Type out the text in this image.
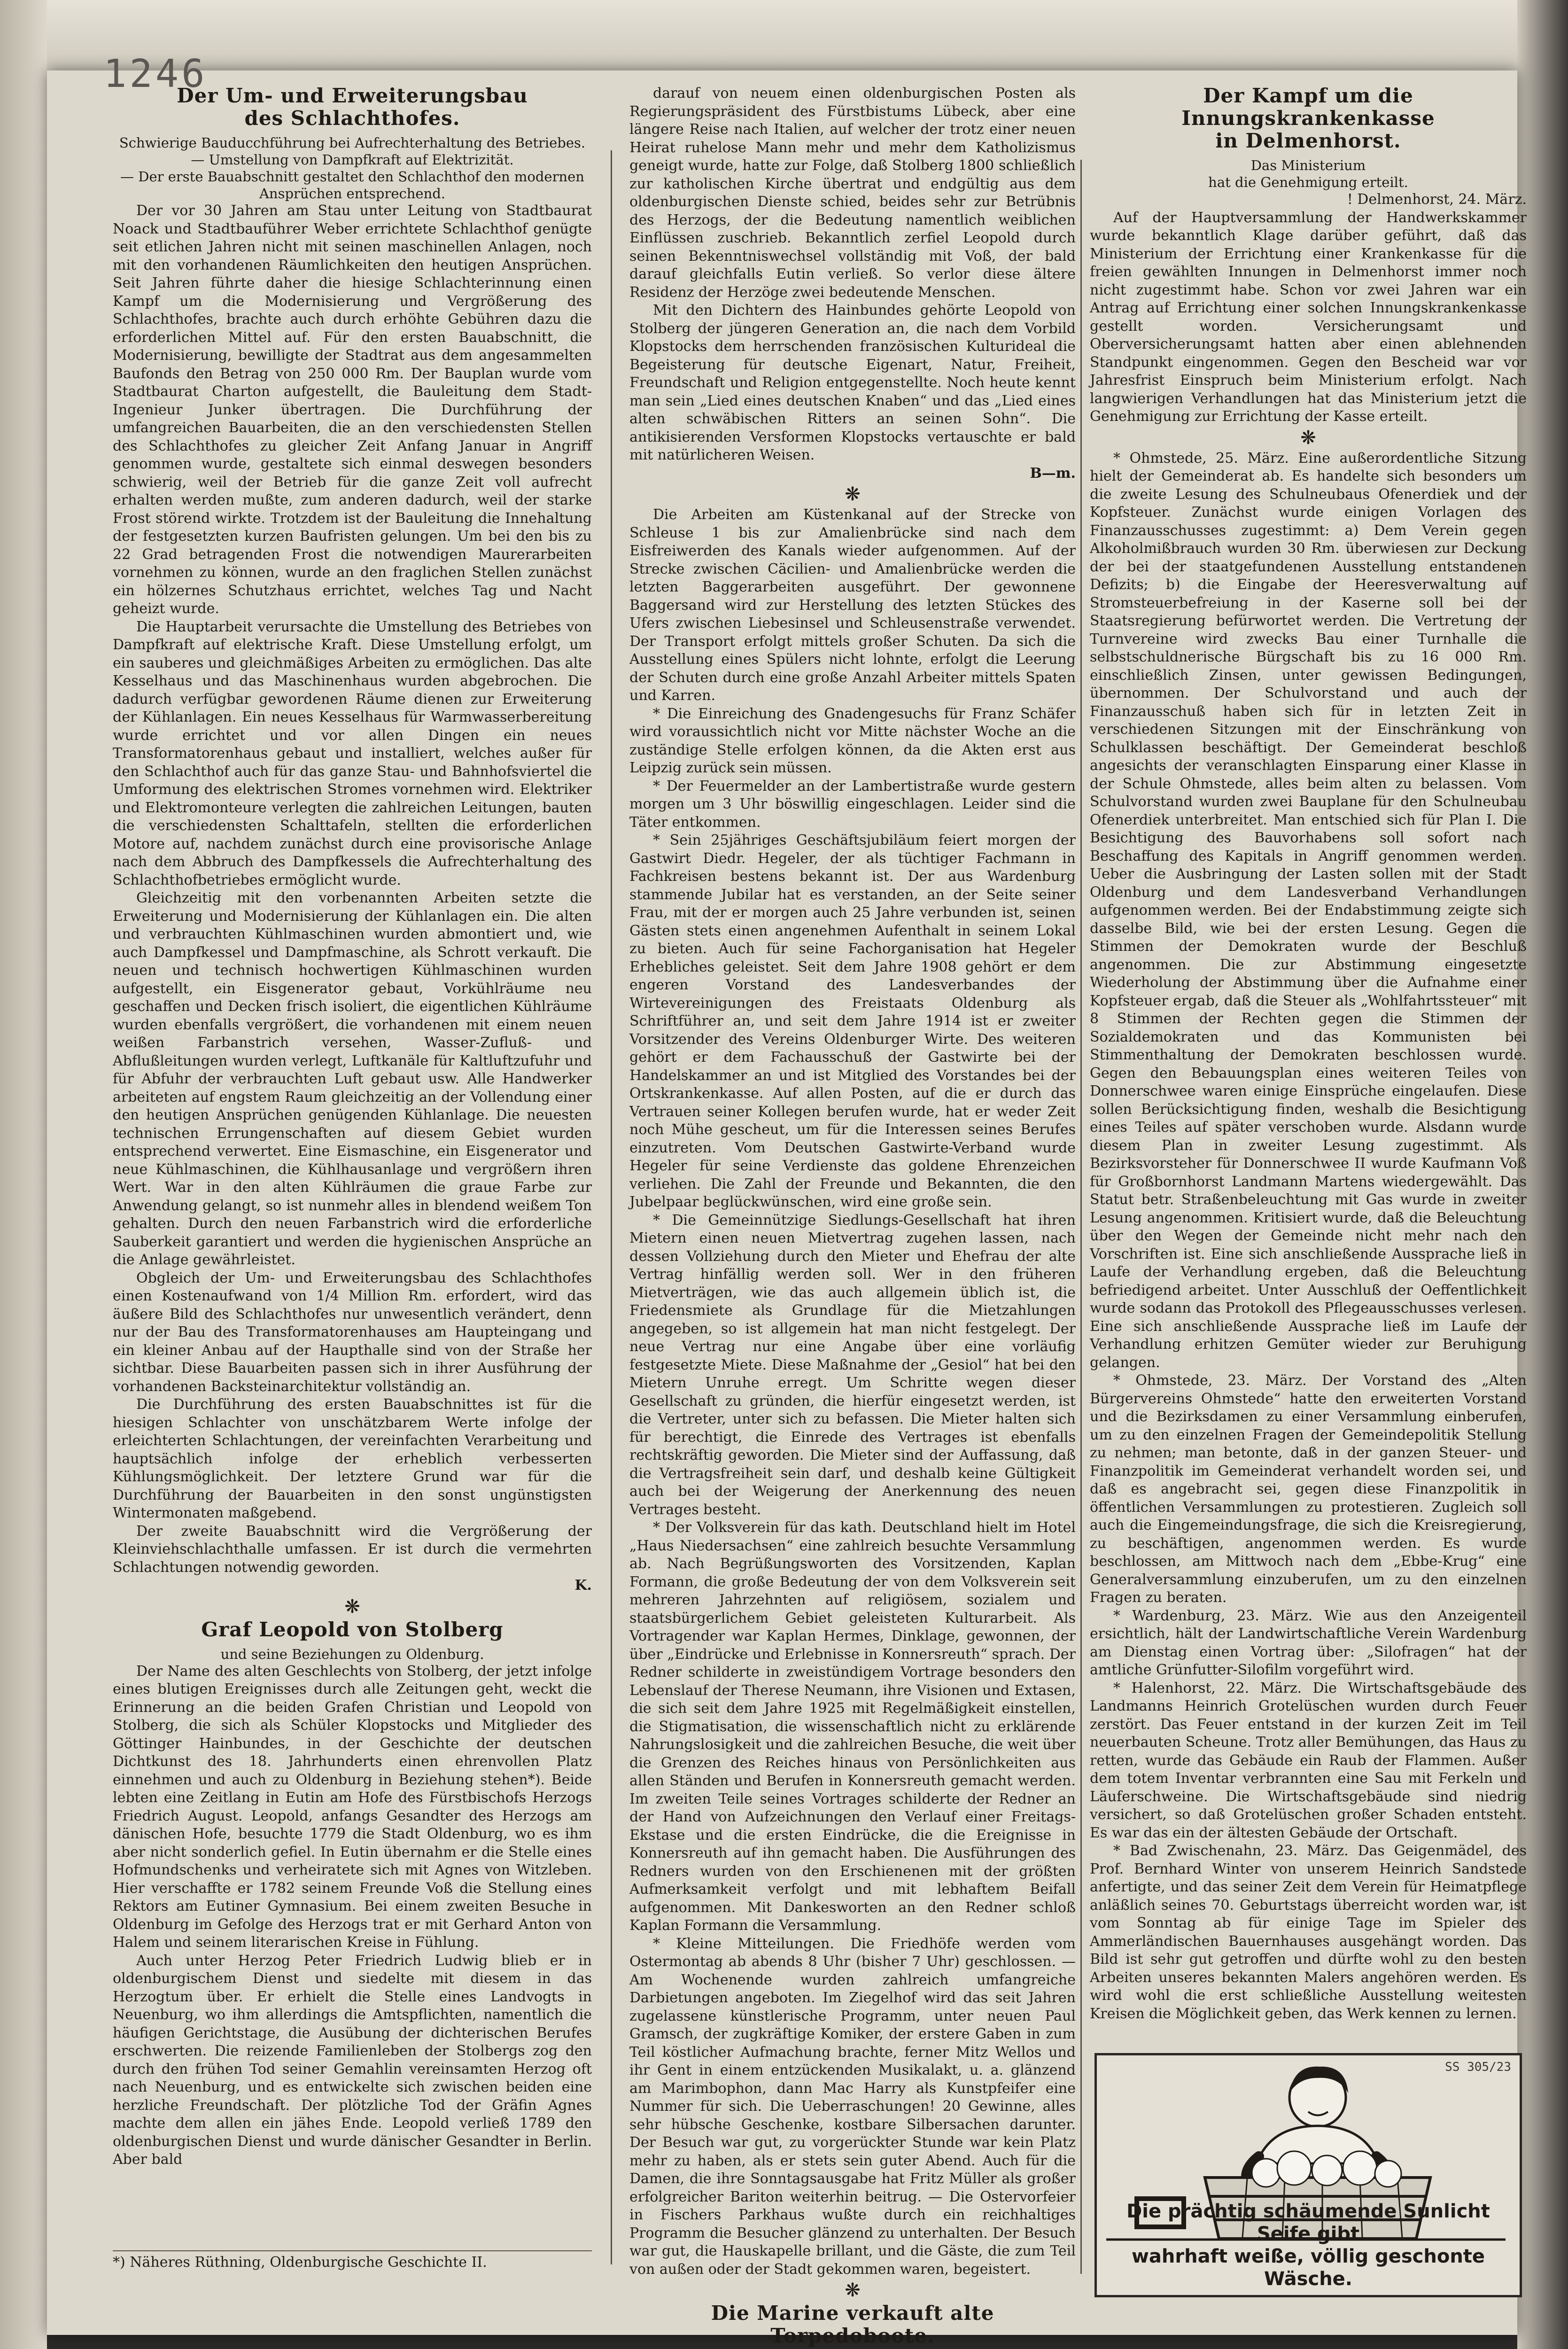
1246
Der Um- und Erweiterungsbau
des Schlachthofes.

Schwierige Bauducchführung bei Aufrechterhaltung des Betriebes. — Umstellung von Dampfkraft auf Elektrizität.

— Der erste Bauabschnitt gestaltet den Schlachthof den modernen Ansprüchen entsprechend.

Der vor 30 Jahren am Stau unter Leitung von Stadtbaurat Noack und Stadtbauführer Weber errichtete Schlachthof genügte seit etlichen Jahren nicht mit seinen maschinellen Anlagen, noch mit den vorhandenen Räumlichkeiten den heutigen Ansprüchen. Seit Jahren führte daher die hiesige Schlachterinnung einen Kampf um die Modernisierung und Vergrößerung des Schlachthofes, brachte auch durch erhöhte Gebühren dazu die erforderlichen Mittel auf. Für den ersten Bauabschnitt, die Modernisierung, bewilligte der Stadtrat aus dem angesammelten Baufonds den Betrag von 250 000 Rm. Der Bauplan wurde vom Stadtbaurat Charton aufgestellt, die Bauleitung dem Stadt-Ingenieur Junker übertragen. Die Durchführung der umfangreichen Bauarbeiten, die an den verschiedensten Stellen des Schlachthofes zu gleicher Zeit Anfang Januar in Angriff genommen wurde, gestaltete sich einmal deswegen besonders schwierig, weil der Betrieb für die ganze Zeit voll aufrecht erhalten werden mußte, zum anderen dadurch, weil der starke Frost störend wirkte. Trotzdem ist der Bauleitung die Innehaltung der festgesetzten kurzen Baufristen gelungen. Um bei den bis zu 22 Grad betragenden Frost die notwendigen Maurerarbeiten vornehmen zu können, wurde an den fraglichen Stellen zunächst ein hölzernes Schutzhaus errichtet, welches Tag und Nacht geheizt wurde.

Die Hauptarbeit verursachte die Umstellung des Betriebes von Dampfkraft auf elektrische Kraft. Diese Umstellung erfolgt, um ein sauberes und gleichmäßiges Arbeiten zu ermöglichen. Das alte Kesselhaus und das Maschinenhaus wurden abgebrochen. Die dadurch verfügbar gewordenen Räume dienen zur Erweiterung der Kühlanlagen. Ein neues Kesselhaus für Warmwasserbereitung wurde errichtet und vor allen Dingen ein neues Transformatorenhaus gebaut und installiert, welches außer für den Schlachthof auch für das ganze Stau- und Bahnhofsviertel die Umformung des elektrischen Stromes vornehmen wird. Elektriker und Elektromonteure verlegten die zahlreichen Leitungen, bauten die verschiedensten Schalttafeln, stellten die erforderlichen Motore auf, nachdem zunächst durch eine provisorische Anlage nach dem Abbruch des Dampfkessels die Aufrechterhaltung des Schlachthofbetriebes ermöglicht wurde.

Gleichzeitig mit den vorbenannten Arbeiten setzte die Erweiterung und Modernisierung der Kühlanlagen ein. Die alten und verbrauchten Kühlmaschinen wurden abmontiert und, wie auch Dampfkessel und Dampfmaschine, als Schrott verkauft. Die neuen und technisch hochwertigen Kühlmaschinen wurden aufgestellt, ein Eisgenerator gebaut, Vorkühlräume neu geschaffen und Decken frisch isoliert, die eigentlichen Kühlräume wurden ebenfalls vergrößert, die vorhandenen mit einem neuen weißen Farbanstrich versehen, Wasser-Zufluß- und Abflußleitungen wurden verlegt, Luftkanäle für Kaltluftzufuhr und für Abfuhr der verbrauchten Luft gebaut usw. Alle Handwerker arbeiteten auf engstem Raum gleichzeitig an der Vollendung einer den heutigen Ansprüchen genügenden Kühlanlage. Die neuesten technischen Errungenschaften auf diesem Gebiet wurden entsprechend verwertet. Eine Eismaschine, ein Eisgenerator und neue Kühlmaschinen, die Kühlhausanlage und vergrößern ihren Wert. War in den alten Kühlräumen die graue Farbe zur Anwendung gelangt, so ist nunmehr alles in blendend weißem Ton gehalten. Durch den neuen Farbanstrich wird die erforderliche Sauberkeit garantiert und werden die hygienischen Ansprüche an die Anlage gewährleistet.

Obgleich der Um- und Erweiterungsbau des Schlachthofes einen Kostenaufwand von 1/4 Million Rm. erfordert, wird das äußere Bild des Schlachthofes nur unwesentlich verändert, denn nur der Bau des Transformatorenhauses am Haupteingang und ein kleiner Anbau auf der Haupthalle sind von der Straße her sichtbar. Diese Bauarbeiten passen sich in ihrer Ausführung der vorhandenen Backsteinarchitektur vollständig an.

Die Durchführung des ersten Bauabschnittes ist für die hiesigen Schlachter von unschätzbarem Werte infolge der erleichterten Schlachtungen, der vereinfachten Verarbeitung und hauptsächlich infolge der erheblich verbesserten Kühlungsmöglichkeit. Der letztere Grund war für die Durchführung der Bauarbeiten in den sonst ungünstigsten Wintermonaten maßgebend.

Der zweite Bauabschnitt wird die Vergrößerung der Kleinviehschlachthalle umfassen. Er ist durch die vermehrten Schlachtungen notwendig geworden.

K.

❋

Graf Leopold von Stolberg

und seine Beziehungen zu Oldenburg.

Der Name des alten Geschlechts von Stolberg, der jetzt infolge eines blutigen Ereignisses durch alle Zeitungen geht, weckt die Erinnerung an die beiden Grafen Christian und Leopold von Stolberg, die sich als Schüler Klopstocks und Mitglieder des Göttinger Hainbundes, in der Geschichte der deutschen Dichtkunst des 18. Jahrhunderts einen ehrenvollen Platz einnehmen und auch zu Oldenburg in Beziehung stehen*). Beide lebten eine Zeitlang in Eutin am Hofe des Fürstbischofs Herzogs Friedrich August. Leopold, anfangs Gesandter des Herzogs am dänischen Hofe, besuchte 1779 die Stadt Oldenburg, wo es ihm aber nicht sonderlich gefiel. In Eutin übernahm er die Stelle eines Hofmundschenks und verheiratete sich mit Agnes von Witzleben. Hier verschaffte er 1782 seinem Freunde Voß die Stellung eines Rektors am Eutiner Gymnasium. Bei einem zweiten Besuche in Oldenburg im Gefolge des Herzogs trat er mit Gerhard Anton von Halem und seinem literarischen Kreise in Fühlung.

Auch unter Herzog Peter Friedrich Ludwig blieb er in oldenburgischem Dienst und siedelte mit diesem in das Herzogtum über. Er erhielt die Stelle eines Landvogts in Neuenburg, wo ihm allerdings die Amtspflichten, namentlich die häufigen Gerichtstage, die Ausübung der dichterischen Berufes erschwerten. Die reizende Familienleben der Stolbergs zog den durch den frühen Tod seiner Gemahlin vereinsamten Herzog oft nach Neuenburg, und es entwickelte sich zwischen beiden eine herzliche Freundschaft. Der plötzliche Tod der Gräfin Agnes machte dem allen ein jähes Ende. Leopold verließ 1789 den oldenburgischen Dienst und wurde dänischer Gesandter in Berlin. Aber bald

*) Näheres Rüthning, Oldenburgische Geschichte II.

darauf von neuem einen oldenburgischen Posten als Regierungspräsident des Fürstbistums Lübeck, aber eine längere Reise nach Italien, auf welcher der trotz einer neuen Heirat ruhelose Mann mehr und mehr dem Katholizismus geneigt wurde, hatte zur Folge, daß Stolberg 1800 schließlich zur katholischen Kirche übertrat und endgültig aus dem oldenburgischen Dienste schied, beides sehr zur Betrübnis des Herzogs, der die Bedeutung namentlich weiblichen Einflüssen zuschrieb. Bekanntlich zerfiel Leopold durch seinen Bekenntniswechsel vollständig mit Voß, der bald darauf gleichfalls Eutin verließ. So verlor diese ältere Residenz der Herzöge zwei bedeutende Menschen.

Mit den Dichtern des Hainbundes gehörte Leopold von Stolberg der jüngeren Generation an, die nach dem Vorbild Klopstocks dem herrschenden französischen Kulturideal die Begeisterung für deutsche Eigenart, Natur, Freiheit, Freundschaft und Religion entgegenstellte. Noch heute kennt man sein „Lied eines deutschen Knaben“ und das „Lied eines alten schwäbischen Ritters an seinen Sohn“. Die antikisierenden Versformen Klopstocks vertauschte er bald mit natürlicheren Weisen.

B—m.

❋

Die Arbeiten am Küstenkanal auf der Strecke von Schleuse 1 bis zur Amalienbrücke sind nach dem Eisfreiwerden des Kanals wieder aufgenommen. Auf der Strecke zwischen Cäcilien- und Amalienbrücke werden die letzten Baggerarbeiten ausgeführt. Der gewonnene Baggersand wird zur Herstellung des letzten Stückes des Ufers zwischen Liebesinsel und Schleusenstraße verwendet. Der Transport erfolgt mittels großer Schuten. Da sich die Ausstellung eines Spülers nicht lohnte, erfolgt die Leerung der Schuten durch eine große Anzahl Arbeiter mittels Spaten und Karren.

* Die Einreichung des Gnadengesuchs für Franz Schäfer wird voraussichtlich nicht vor Mitte nächster Woche an die zuständige Stelle erfolgen können, da die Akten erst aus Leipzig zurück sein müssen.

* Der Feuermelder an der Lambertistraße wurde gestern morgen um 3 Uhr böswillig eingeschlagen. Leider sind die Täter entkommen.

* Sein 25jähriges Geschäftsjubiläum feiert morgen der Gastwirt Diedr. Hegeler, der als tüchtiger Fachmann in Fachkreisen bestens bekannt ist. Der aus Wardenburg stammende Jubilar hat es verstanden, an der Seite seiner Frau, mit der er morgen auch 25 Jahre verbunden ist, seinen Gästen stets einen angenehmen Aufenthalt in seinem Lokal zu bieten. Auch für seine Fachorganisation hat Hegeler Erhebliches geleistet. Seit dem Jahre 1908 gehört er dem engeren Vorstand des Landesverbandes der Wirtevereinigungen des Freistaats Oldenburg als Schriftführer an, und seit dem Jahre 1914 ist er zweiter Vorsitzender des Vereins Oldenburger Wirte. Des weiteren gehört er dem Fachausschuß der Gastwirte bei der Handelskammer an und ist Mitglied des Vorstandes bei der Ortskrankenkasse. Auf allen Posten, auf die er durch das Vertrauen seiner Kollegen berufen wurde, hat er weder Zeit noch Mühe gescheut, um für die Interessen seines Berufes einzutreten. Vom Deutschen Gastwirte-Verband wurde Hegeler für seine Verdienste das goldene Ehrenzeichen verliehen. Die Zahl der Freunde und Bekannten, die den Jubelpaar beglückwünschen, wird eine große sein.

* Die Gemeinnützige Siedlungs-Gesellschaft hat ihren Mietern einen neuen Mietvertrag zugehen lassen, nach dessen Vollziehung durch den Mieter und Ehefrau der alte Vertrag hinfällig werden soll. Wer in den früheren Mietverträgen, wie das auch allgemein üblich ist, die Friedensmiete als Grundlage für die Mietzahlungen angegeben, so ist allgemein hat man nicht festgelegt. Der neue Vertrag nur eine Angabe über eine vorläufig festgesetzte Miete. Diese Maßnahme der „Gesiol“ hat bei den Mietern Unruhe erregt. Um Schritte wegen dieser Gesellschaft zu gründen, die hierfür eingesetzt werden, ist die Vertreter, unter sich zu befassen. Die Mieter halten sich für berechtigt, die Einrede des Vertrages ist ebenfalls rechtskräftig geworden. Die Mieter sind der Auffassung, daß die Vertragsfreiheit sein darf, und deshalb keine Gültigkeit auch bei der Weigerung der Anerkennung des neuen Vertrages besteht.

* Der Volksverein für das kath. Deutschland hielt im Hotel „Haus Niedersachsen“ eine zahlreich besuchte Versammlung ab. Nach Begrüßungsworten des Vorsitzenden, Kaplan Formann, die große Bedeutung der von dem Volksverein seit mehreren Jahrzehnten auf religiösem, sozialem und staatsbürgerlichem Gebiet geleisteten Kulturarbeit. Als Vortragender war Kaplan Hermes, Dinklage, gewonnen, der über „Eindrücke und Erlebnisse in Konnersreuth“ sprach. Der Redner schilderte in zweistündigem Vortrage besonders den Lebenslauf der Therese Neumann, ihre Visionen und Extasen, die sich seit dem Jahre 1925 mit Regelmäßigkeit einstellen, die Stigmatisation, die wissenschaftlich nicht zu erklärende Nahrungslosigkeit und die zahlreichen Besuche, die weit über die Grenzen des Reiches hinaus von Persönlichkeiten aus allen Ständen und Berufen in Konnersreuth gemacht werden. Im zweiten Teile seines Vortrages schilderte der Redner an der Hand von Aufzeichnungen den Verlauf einer Freitags-Ekstase und die ersten Eindrücke, die die Ereignisse in Konnersreuth auf ihn gemacht haben. Die Ausführungen des Redners wurden von den Erschienenen mit der größten Aufmerksamkeit verfolgt und mit lebhaftem Beifall aufgenommen. Mit Dankesworten an den Redner schloß Kaplan Formann die Versammlung.

* Kleine Mitteilungen. Die Friedhöfe werden vom Ostermontag ab abends 8 Uhr (bisher 7 Uhr) geschlossen. — Am Wochenende wurden zahlreich umfangreiche Darbietungen angeboten. Im Ziegelhof wird das seit Jahren zugelassene künstlerische Programm, unter neuen Paul Gramsch, der zugkräftige Komiker, der erstere Gaben in zum Teil köstlicher Aufmachung brachte, ferner Mitz Wellos und ihr Gent in einem entzückenden Musikalakt, u. a. glänzend am Marimbophon, dann Mac Harry als Kunstpfeifer eine Nummer für sich. Die Ueberraschungen! 20 Gewinne, alles sehr hübsche Geschenke, kostbare Silbersachen darunter. Der Besuch war gut, zu vorgerückter Stunde war kein Platz mehr zu haben, als er stets sein guter Abend. Auch für die Damen, die ihre Sonntagsausgabe hat Fritz Müller als großer erfolgreicher Bariton weiterhin beitrug. — Die Ostervorfeier in Fischers Parkhaus wußte durch ein reichhaltiges Programm die Besucher glänzend zu unterhalten. Der Besuch war gut, die Hauskapelle brillant, und die Gäste, die zum Teil von außen oder der Stadt gekommen waren, begeistert.

❋

Die Marine verkauft alte Torpedoboote.

Der Kampf um die Innungskrankenkasse
in Delmenhorst.

Das Ministerium

hat die Genehmigung erteilt.

! Delmenhorst, 24. März.

Auf der Hauptversammlung der Handwerkskammer wurde bekanntlich Klage darüber geführt, daß das Ministerium der Errichtung einer Krankenkasse für die freien gewählten Innungen in Delmenhorst immer noch nicht zugestimmt habe. Schon vor zwei Jahren war ein Antrag auf Errichtung einer solchen Innungskrankenkasse gestellt worden. Versicherungsamt und Oberversicherungsamt hatten aber einen ablehnenden Standpunkt eingenommen. Gegen den Bescheid war vor Jahresfrist Einspruch beim Ministerium erfolgt. Nach langwierigen Verhandlungen hat das Ministerium jetzt die Genehmigung zur Errichtung der Kasse erteilt.

❋

* Ohmstede, 25. März. Eine außerordentliche Sitzung hielt der Gemeinderat ab. Es handelte sich besonders um die zweite Lesung des Schulneubaus Ofenerdiek und der Kopfsteuer. Zunächst wurde einigen Vorlagen des Finanzausschusses zugestimmt: a) Dem Verein gegen Alkoholmißbrauch wurden 30 Rm. überwiesen zur Deckung der bei der staatgefundenen Ausstellung entstandenen Defizits; b) die Eingabe der Heeresverwaltung auf Stromsteuerbefreiung in der Kaserne soll bei der Staatsregierung befürwortet werden. Die Vertretung der Turnvereine wird zwecks Bau einer Turnhalle die selbstschuldnerische Bürgschaft bis zu 16 000 Rm. einschließlich Zinsen, unter gewissen Bedingungen, übernommen. Der Schulvorstand und auch der Finanzausschuß haben sich für in letzten Zeit in verschiedenen Sitzungen mit der Einschränkung von Schulklassen beschäftigt. Der Gemeinderat beschloß angesichts der veranschlagten Einsparung einer Klasse in der Schule Ohmstede, alles beim alten zu belassen. Vom Schulvorstand wurden zwei Bauplane für den Schulneubau Ofenerdiek unterbreitet. Man entschied sich für Plan I. Die Besichtigung des Bauvorhabens soll sofort nach Beschaffung des Kapitals in Angriff genommen werden. Ueber die Ausbringung der Lasten sollen mit der Stadt Oldenburg und dem Landesverband Verhandlungen aufgenommen werden. Bei der Endabstimmung zeigte sich dasselbe Bild, wie bei der ersten Lesung. Gegen die Stimmen der Demokraten wurde der Beschluß angenommen. Die zur Abstimmung eingesetzte Wiederholung der Abstimmung über die Aufnahme einer Kopfsteuer ergab, daß die Steuer als „Wohlfahrtssteuer“ mit 8 Stimmen der Rechten gegen die Stimmen der Sozialdemokraten und das Kommunisten bei Stimmenthaltung der Demokraten beschlossen wurde. Gegen den Bebauungsplan eines weiteren Teiles von Donnerschwee waren einige Einsprüche eingelaufen. Diese sollen Berücksichtigung finden, weshalb die Besichtigung eines Teiles auf später verschoben wurde. Alsdann wurde diesem Plan in zweiter Lesung zugestimmt. Als Bezirksvorsteher für Donnerschwee II wurde Kaufmann Voß für Großbornhorst Landmann Martens wiedergewählt. Das Statut betr. Straßenbeleuchtung mit Gas wurde in zweiter Lesung angenommen. Kritisiert wurde, daß die Beleuchtung über den Wegen der Gemeinde nicht mehr nach den Vorschriften ist. Eine sich anschließende Aussprache ließ in Laufe der Verhandlung ergeben, daß die Beleuchtung befriedigend arbeitet. Unter Ausschluß der Oeffentlichkeit wurde sodann das Protokoll des Pflegeausschusses verlesen. Eine sich anschließende Aussprache ließ im Laufe der Verhandlung erhitzen Gemüter wieder zur Beruhigung gelangen.

* Ohmstede, 23. März. Der Vorstand des „Alten Bürgervereins Ohmstede“ hatte den erweiterten Vorstand und die Bezirksdamen zu einer Versammlung einberufen, um zu den einzelnen Fragen der Gemeindepolitik Stellung zu nehmen; man betonte, daß in der ganzen Steuer- und Finanzpolitik im Gemeinderat verhandelt worden sei, und daß es angebracht sei, gegen diese Finanzpolitik in öffentlichen Versammlungen zu protestieren. Zugleich soll auch die Eingemeindungsfrage, die sich die Kreisregierung, zu beschäftigen, angenommen werden. Es wurde beschlossen, am Mittwoch nach dem „Ebbe-Krug“ eine Generalversammlung einzuberufen, um zu den einzelnen Fragen zu beraten.

* Wardenburg, 23. März. Wie aus den Anzeigenteil ersichtlich, hält der Landwirtschaftliche Verein Wardenburg am Dienstag einen Vortrag über: „Silofragen“ hat der amtliche Grünfutter-Silofilm vorgeführt wird.

* Halenhorst, 22. März. Die Wirtschaftsgebäude des Landmanns Heinrich Grotelüschen wurden durch Feuer zerstört. Das Feuer entstand in der kurzen Zeit im Teil neuerbauten Scheune. Trotz aller Bemühungen, das Haus zu retten, wurde das Gebäude ein Raub der Flammen. Außer dem totem Inventar verbrannten eine Sau mit Ferkeln und Läuferschweine. Die Wirtschaftsgebäude sind niedrig versichert, so daß Grotelüschen großer Schaden entsteht. Es war das ein der ältesten Gebäude der Ortschaft.

* Bad Zwischenahn, 23. März. Das Geigenmädel, des Prof. Bernhard Winter von unserem Heinrich Sandstede anfertigte, und das seiner Zeit dem Verein für Heimatpflege anläßlich seines 70. Geburtstags überreicht worden war, ist vom Sonntag ab für einige Tage im Spieler des Ammerländischen Bauernhauses ausgehängt worden. Das Bild ist sehr gut getroffen und dürfte wohl zu den besten Arbeiten unseres bekannten Malers angehören werden. Es wird wohl die erst schließliche Ausstellung weitesten Kreisen die Möglichkeit geben, das Werk kennen zu lernen.

SS 305/23
Die prächtig schäumende Sunlicht Seife gibt
wahrhaft weiße, völlig geschonte Wäsche.
